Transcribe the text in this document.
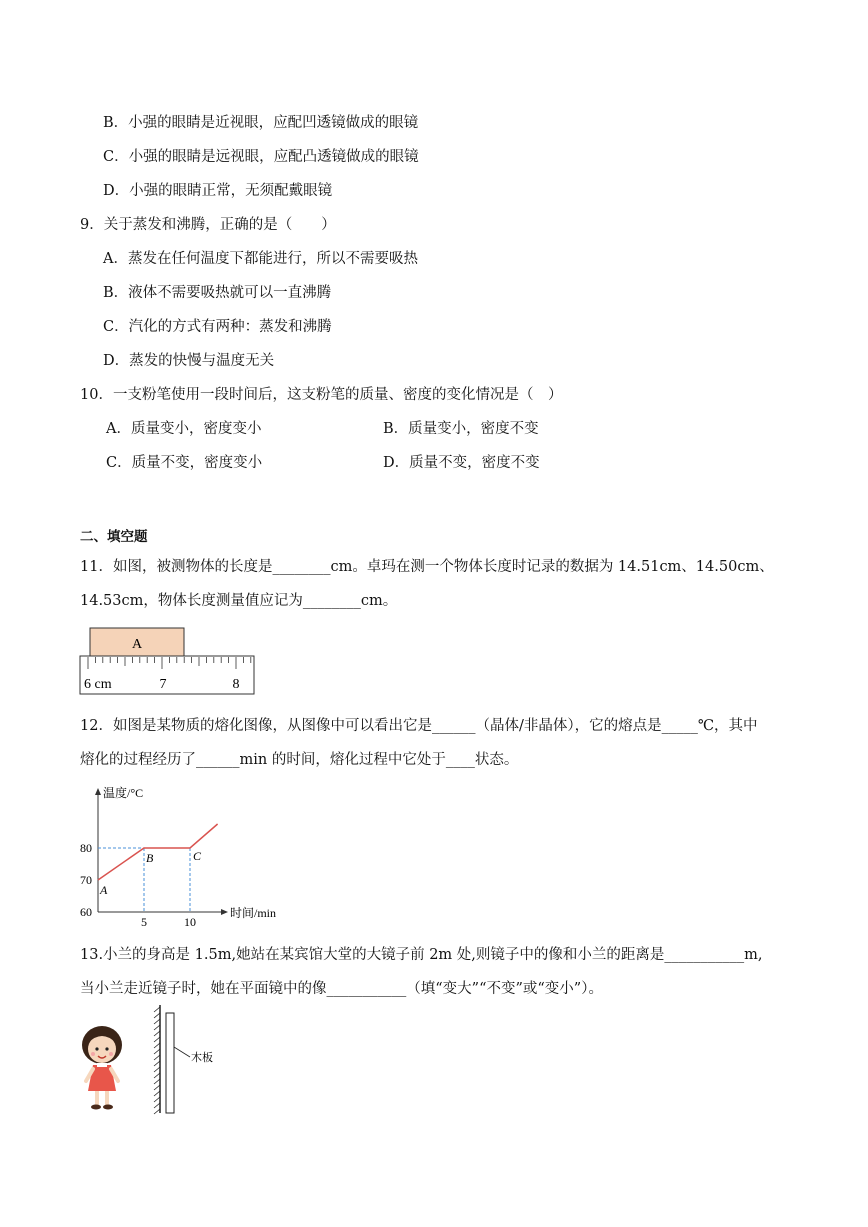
B．小强的眼睛是近视眼，应配凹透镜做成的眼镜
C．小强的眼睛是远视眼，应配凸透镜做成的眼镜
D．小强的眼睛正常，无须配戴眼镜
9．关于蒸发和沸腾，正确的是（　　）
A．蒸发在任何温度下都能进行，所以不需要吸热
B．液体不需要吸热就可以一直沸腾
C．汽化的方式有两种：蒸发和沸腾
D．蒸发的快慢与温度无关
10．一支粉笔使用一段时间后，这支粉笔的质量、密度的变化情况是（　）
A．质量变小，密度变小	B．质量变小，密度不变
C．质量不变，密度变小	D．质量不变，密度不变
二、填空题
11．如图，被测物体的长度是________cm。卓玛在测一个物体长度时记录的数据为 14.51cm、14.50cm、
14.53cm，物体长度测量值应记为________cm。
A
6 cm	7	8
12．如图是某物质的熔化图像，从图像中可以看出它是______（晶体/非晶体），它的熔点是_____℃，其中
熔化的过程经历了______min 的时间，熔化过程中它处于____状态。
温度/°C
时间/min
60
70
80
5	10
A
B	C
13.小兰的身高是 1.5m,她站在某宾馆大堂的大镜子前 2m 处,则镜子中的像和小兰的距离是___________m,
当小兰走近镜子时，她在平面镜中的像___________（填“变大”“不变”或“变小”）。
木板
